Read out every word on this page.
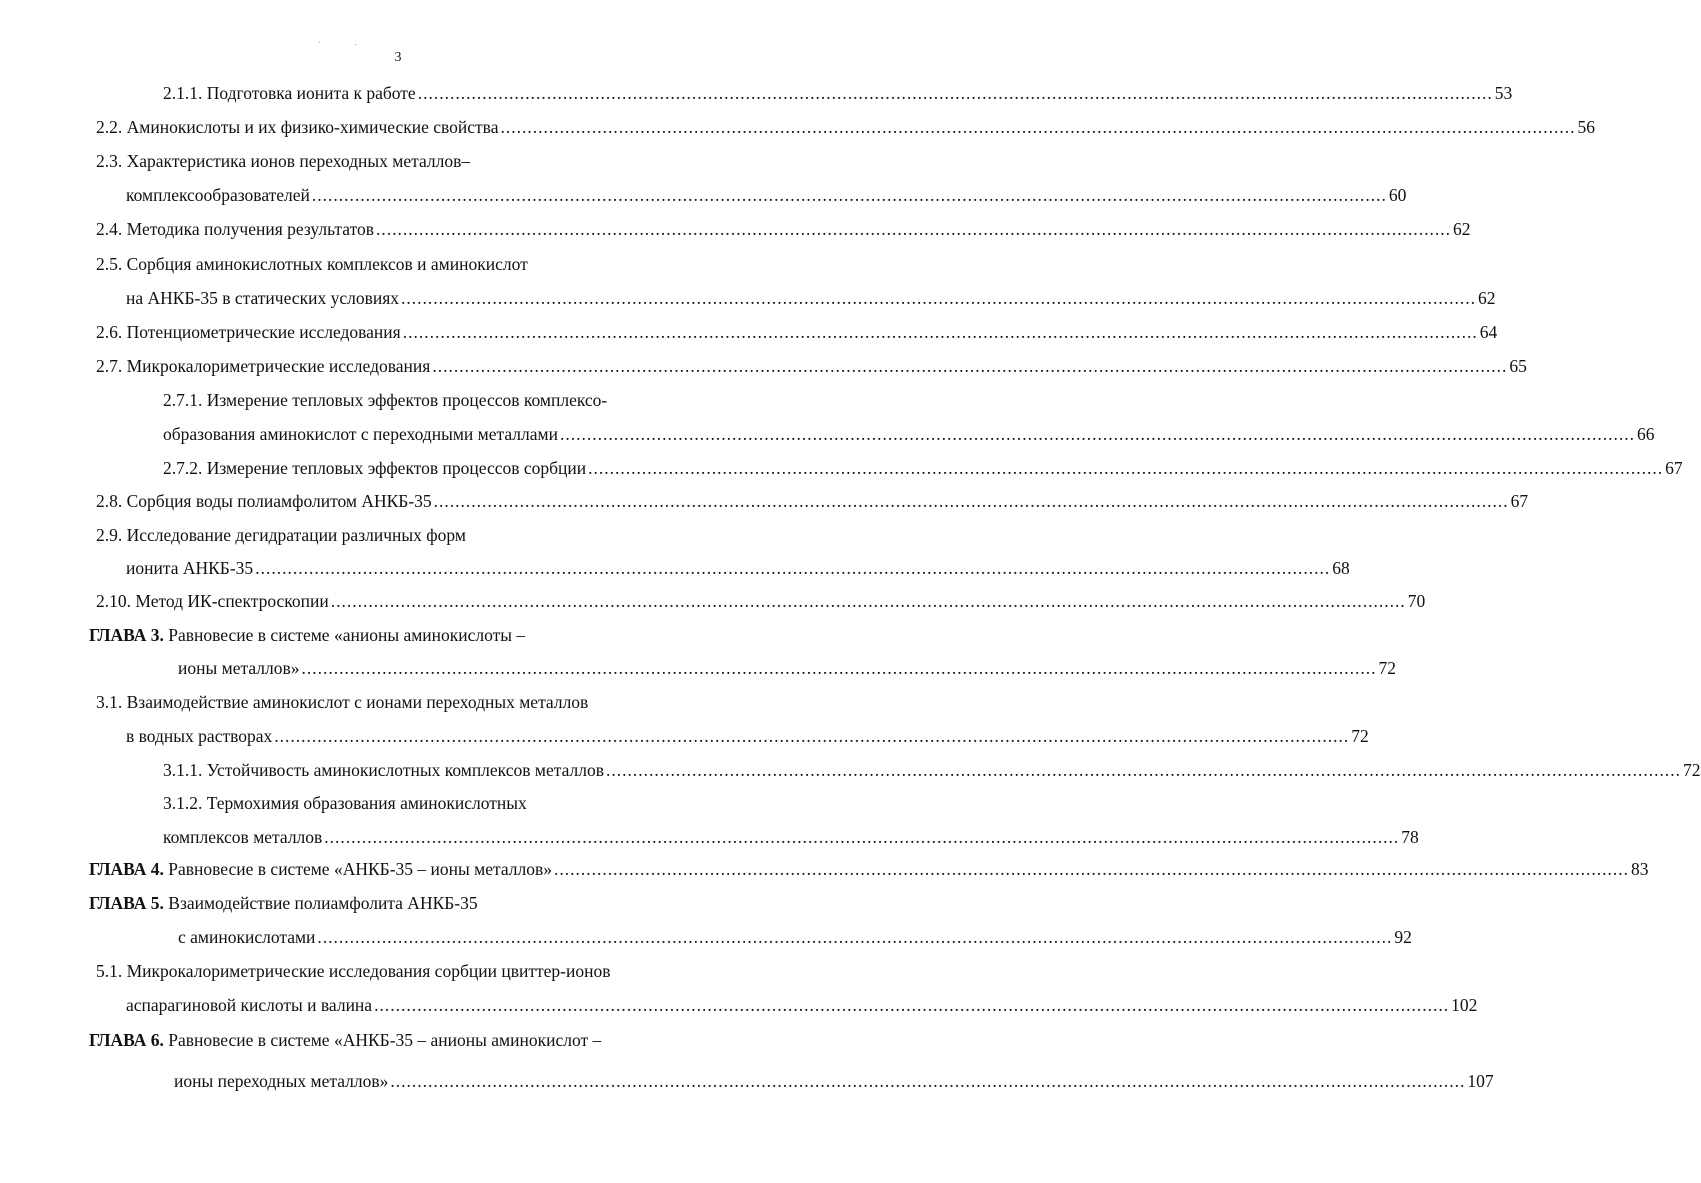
· .
3
2.1.1. Подготовка ионита к работе ........................................................................................................................................................................................................ 53
2.2. Аминокислоты и их физико-химические свойства ........................................................................................................................................................................................................ 56
2.3. Характеристика ионов переходных металлов–
комплексообразователей ........................................................................................................................................................................................................ 60
2.4. Методика получения результатов ........................................................................................................................................................................................................ 62
2.5. Сорбция аминокислотных комплексов и аминокислот
на АНКБ-35 в статических условиях ........................................................................................................................................................................................................ 62
2.6. Потенциометрические исследования ........................................................................................................................................................................................................ 64
2.7. Микрокалориметрические исследования ........................................................................................................................................................................................................ 65
2.7.1. Измерение тепловых эффектов процессов комплексо-
образования аминокислот с переходными металлами ........................................................................................................................................................................................................ 66
2.7.2. Измерение тепловых эффектов процессов сорбции ........................................................................................................................................................................................................ 67
2.8. Сорбция воды полиамфолитом АНКБ-35 ........................................................................................................................................................................................................ 67
2.9. Исследование дегидратации различных форм
ионита АНКБ-35 ........................................................................................................................................................................................................ 68
2.10. Метод ИК-спектроскопии ........................................................................................................................................................................................................ 70
ГЛАВА 3. Равновесие в системе «анионы аминокислоты –
ионы металлов» ........................................................................................................................................................................................................ 72
3.1. Взаимодействие аминокислот с ионами переходных металлов
в водных растворах ........................................................................................................................................................................................................ 72
3.1.1. Устойчивость аминокислотных комплексов металлов ........................................................................................................................................................................................................ 72
3.1.2. Термохимия образования аминокислотных
комплексов металлов ........................................................................................................................................................................................................ 78
ГЛАВА 4. Равновесие в системе «АНКБ-35 – ионы металлов» ........................................................................................................................................................................................................ 83
ГЛАВА 5. Взаимодействие полиамфолита АНКБ-35
с аминокислотами ........................................................................................................................................................................................................ 92
5.1. Микрокалориметрические исследования сорбции цвиттер-ионов
аспарагиновой кислоты и валина ........................................................................................................................................................................................................ 102
ГЛАВА 6. Равновесие в системе «АНКБ-35 – анионы аминокислот –
ионы переходных металлов» ........................................................................................................................................................................................................ 107
